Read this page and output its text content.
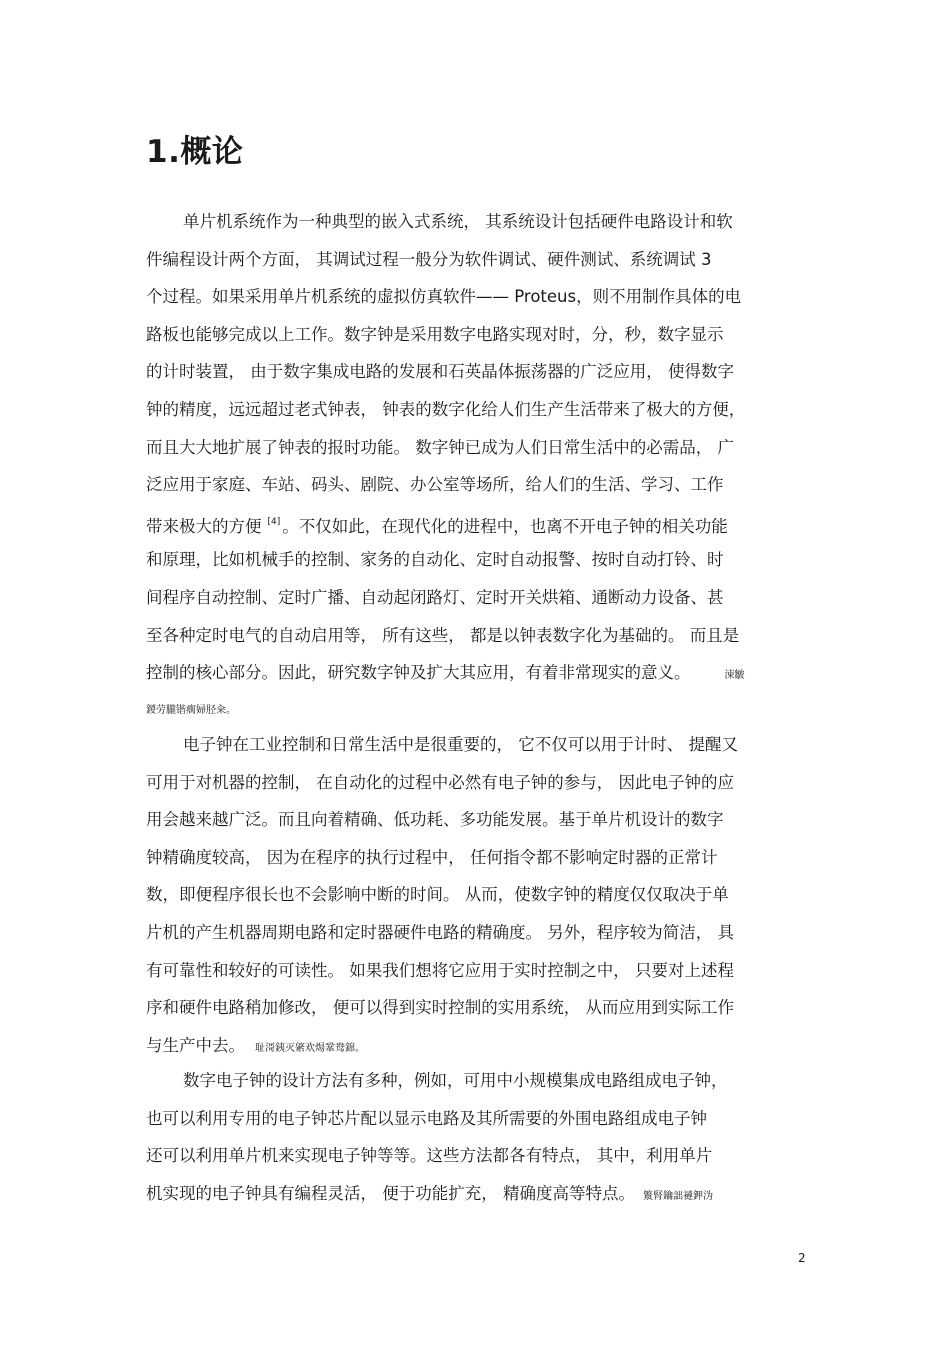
1.概论
单片机系统作为一种典型的嵌入式系统， 其系统设计包括硬件电路设计和软
件编程设计两个方面， 其调试过程一般分为软件调试、硬件测试、系统调试 3
个过程。如果采用单片机系统的虚拟仿真软件—— Proteus，则不用制作具体的电
路板也能够完成以上工作。数字钟是采用数字电路实现对时，分，秒，数字显示
的计时装置， 由于数字集成电路的发展和石英晶体振荡器的广泛应用， 使得数字
钟的精度，远远超过老式钟表， 钟表的数字化给人们生产生活带来了极大的方便，
而且大大地扩展了钟表的报时功能。 数字钟已成为人们日常生活中的必需品， 广
泛应用于家庭、车站、码头、剧院、办公室等场所，给人们的生活、学习、工作
带来极大的方便 [4] 。不仅如此，在现代化的进程中，也离不开电子钟的相关功能
和原理，比如机械手的控制、家务的自动化、定时自动报警、按时自动打铃、时
间程序自动控制、定时广播、自动起闭路灯、定时开关烘箱、通断动力设备、甚
至各种定时电气的自动启用等， 所有这些， 都是以钟表数字化为基础的。 而且是
控制的核心部分。因此，研究数字钟及扩大其应用，有着非常现实的意义。	涑皺
鍐劳朧锴瘸婦胫籴。
电子钟在工业控制和日常生活中是很重要的， 它不仅可以用于计时、 提醒又
可用于对机器的控制， 在自动化的过程中必然有电子钟的参与， 因此电子钟的应
用会越来越广泛。而且向着精确、低功耗、多功能发展。基于单片机设计的数字
钟精确度较高， 因为在程序的执行过程中， 任何指令都不影响定时器的正常计
数，即便程序很长也不会影响中断的时间。 从而，使数字钟的精度仅仅取决于单
片机的产生机器周期电路和定时器硬件电路的精确度。 另外，程序较为简洁， 具
有可靠性和较好的可读性。 如果我们想将它应用于实时控制之中， 只要对上述程
序和硬件电路稍加修改， 便可以得到实时控制的实用系统， 从而应用到实际工作
与生产中去。 耻滒銕灭綮欢煬鞏鸯錦。
数字电子钟的设计方法有多种，例如，可用中小规模集成电路组成电子钟，
也可以利用专用的电子钟芯片配以显示电路及其所需要的外围电路组成电子钟
还可以利用单片机来实现电子钟等等。这些方法都各有特点， 其中，利用单片
机实现的电子钟具有编程灵活， 便于功能扩充， 精确度高等特点。 瀪腎鑰詘褳鉀沩
2
